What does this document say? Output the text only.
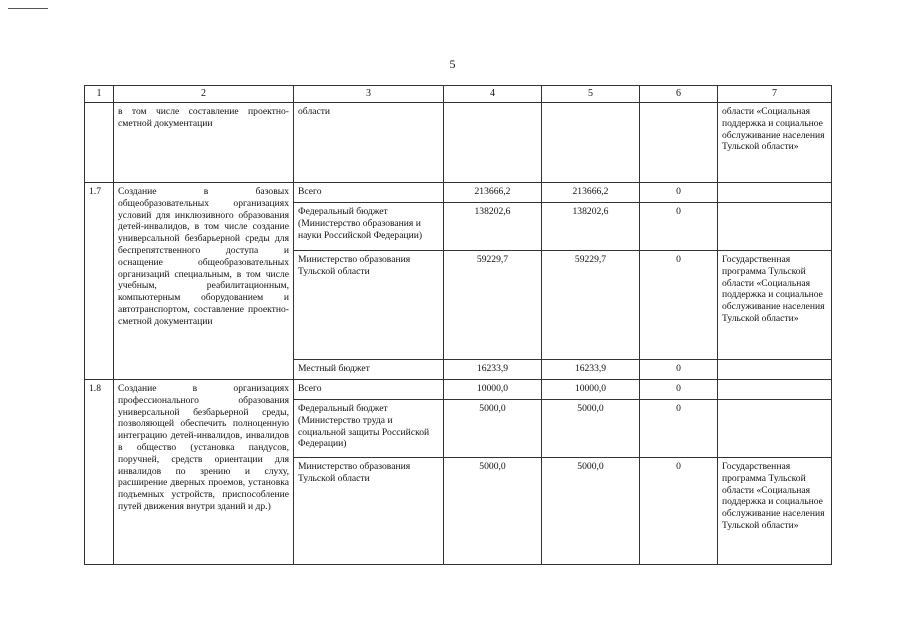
5
1	2	3	4	5	6	7
	в том числе составление проектно-сметной документации	области				области «Социальная поддержка и социальное обслуживание населения Тульской области»
1.7	Создание в базовых общеобразовательных организациях условий для инклюзивного образования детей-инвалидов, в том числе создание универсальной безбарьерной среды для беспрепятственного доступа и оснащение общеобразовательных организаций специальным, в том числе учебным, реабилитационным, компьютерным оборудованием и автотранспортом, составление проектно-сметной документации	Всего	213666,2	213666,2	0	
		Федеральный бюджет (Министерство образования и науки Российской Федерации)	138202,6	138202,6	0	
		Министерство образования Тульской области	59229,7	59229,7	0	Государственная программа Тульской области «Социальная поддержка и социальное обслуживание населения Тульской области»
		Местный бюджет	16233,9	16233,9	0	
1.8	Создание в организациях профессионального образования универсальной безбарьерной среды, позволяющей обеспечить полноценную интеграцию детей-инвалидов, инвалидов в общество (установка пандусов, поручней, средств ориентации для инвалидов по зрению и слуху, расширение дверных проемов, установка подъемных устройств, приспособление путей движения внутри зданий и др.)	Всего	10000,0	10000,0	0	
		Федеральный бюджет (Министерство труда и социальной защиты Российской Федерации)	5000,0	5000,0	0	
		Министерство образования Тульской области	5000,0	5000,0	0	Государственная программа Тульской области «Социальная поддержка и социальное обслуживание населения Тульской области»
